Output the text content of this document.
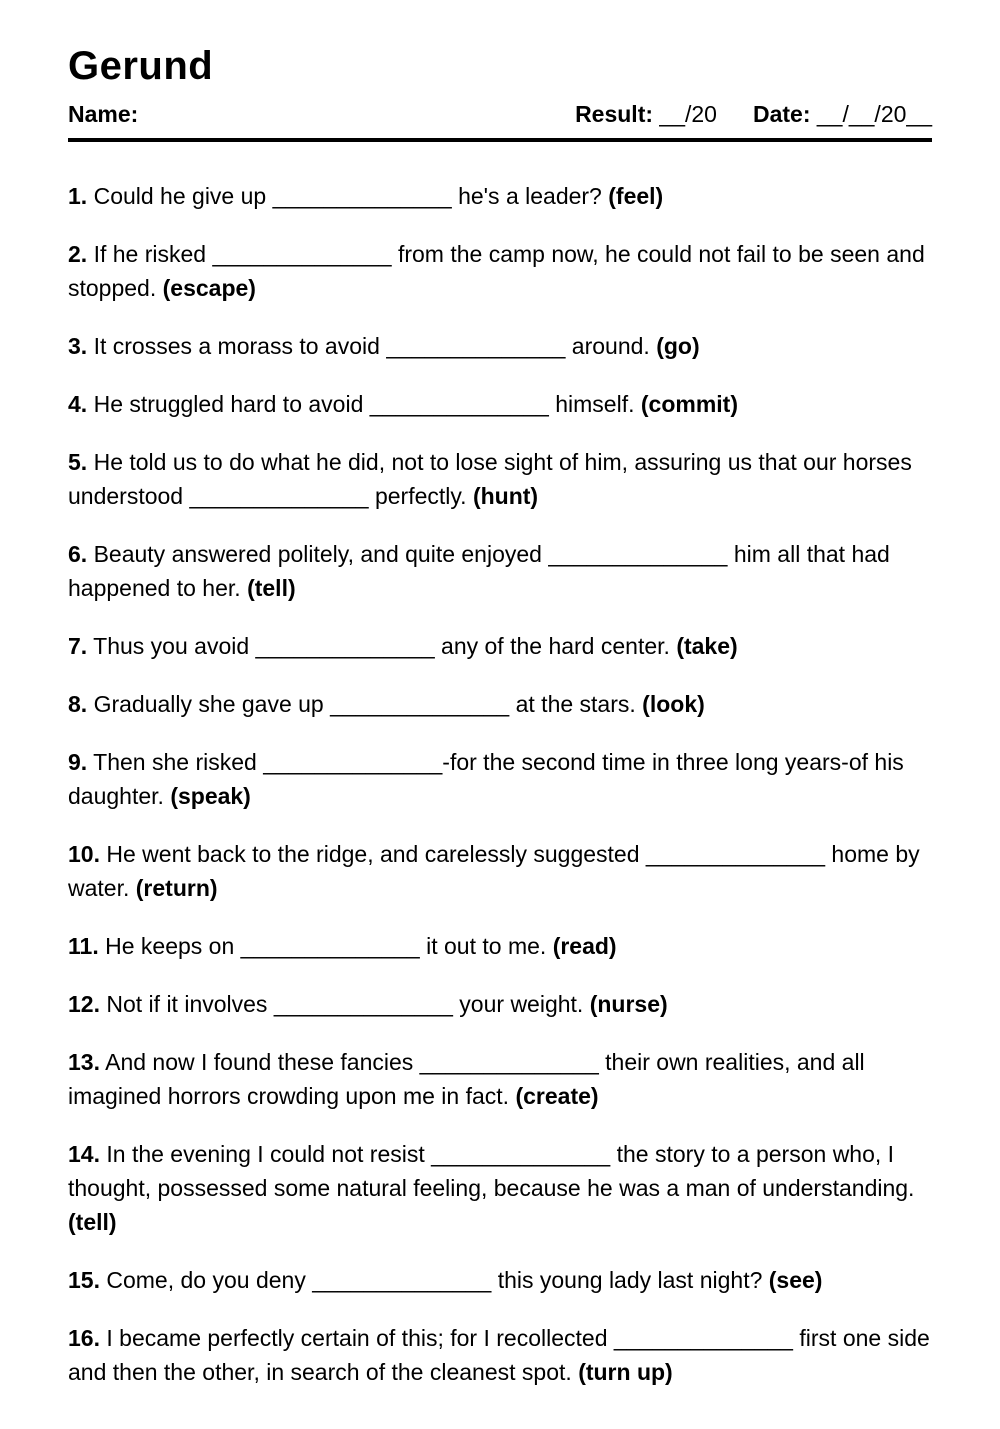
Gerund
Name:	Result: __/20 Date: __/__/20__

1. Could he give up ______________ he's a leader? (feel)

2. If he risked ______________ from the camp now, he could not fail to be seen and stopped. (escape)

3. It crosses a morass to avoid ______________ around. (go)

4. He struggled hard to avoid ______________ himself. (commit)

5. He told us to do what he did, not to lose sight of him, assuring us that our horses understood ______________ perfectly. (hunt)

6. Beauty answered politely, and quite enjoyed ______________ him all that had happened to her. (tell)

7. Thus you avoid ______________ any of the hard center. (take)

8. Gradually she gave up ______________ at the stars. (look)

9. Then she risked ______________-for the second time in three long years-of his daughter. (speak)

10. He went back to the ridge, and carelessly suggested ______________ home by water. (return)

11. He keeps on ______________ it out to me. (read)

12. Not if it involves ______________ your weight. (nurse)

13. And now I found these fancies ______________ their own realities, and all imagined horrors crowding upon me in fact. (create)

14. In the evening I could not resist ______________ the story to a person who, I thought, possessed some natural feeling, because he was a man of understanding. (tell)

15. Come, do you deny ______________ this young lady last night? (see)

16. I became perfectly certain of this; for I recollected ______________ first one side and then the other, in search of the cleanest spot. (turn up)
